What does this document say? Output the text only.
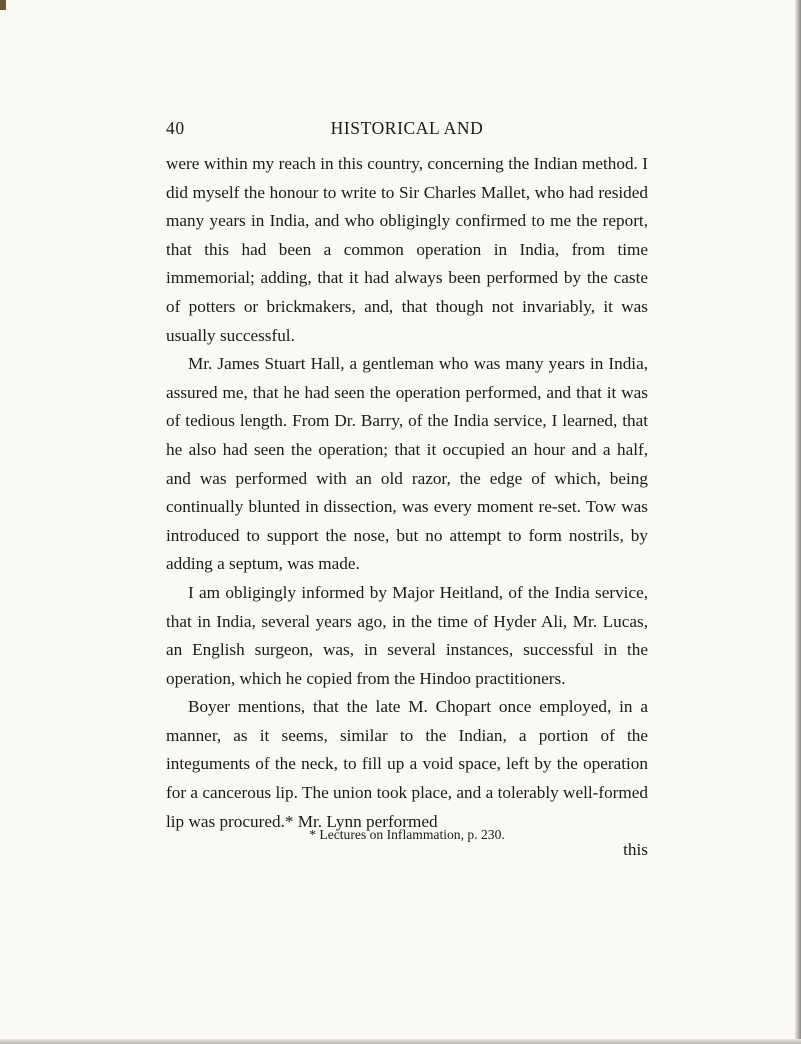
40	HISTORICAL AND

were within my reach in this country, concerning the Indian method. I did myself the honour to write to Sir Charles Mallet, who had resided many years in India, and who obligingly confirmed to me the report, that this had been a common operation in India, from time immemorial; adding, that it had always been performed by the caste of potters or brickmakers, and, that though not invariably, it was usually successful.

Mr. James Stuart Hall, a gentleman who was many years in India, assured me, that he had seen the operation performed, and that it was of tedious length. From Dr. Barry, of the India service, I learned, that he also had seen the operation; that it occupied an hour and a half, and was performed with an old razor, the edge of which, being continually blunted in dissection, was every moment re-set. Tow was introduced to support the nose, but no attempt to form nostrils, by adding a septum, was made.

I am obligingly informed by Major Heitland, of the India service, that in India, several years ago, in the time of Hyder Ali, Mr. Lucas, an English surgeon, was, in several instances, successful in the operation, which he copied from the Hindoo practitioners.

Boyer mentions, that the late M. Chopart once employed, in a manner, as it seems, similar to the Indian, a portion of the integuments of the neck, to fill up a void space, left by the operation for a cancerous lip. The union took place, and a tolerably well-formed lip was procured.* Mr. Lynn performed

this

* Lectures on Inflammation, p. 230.
